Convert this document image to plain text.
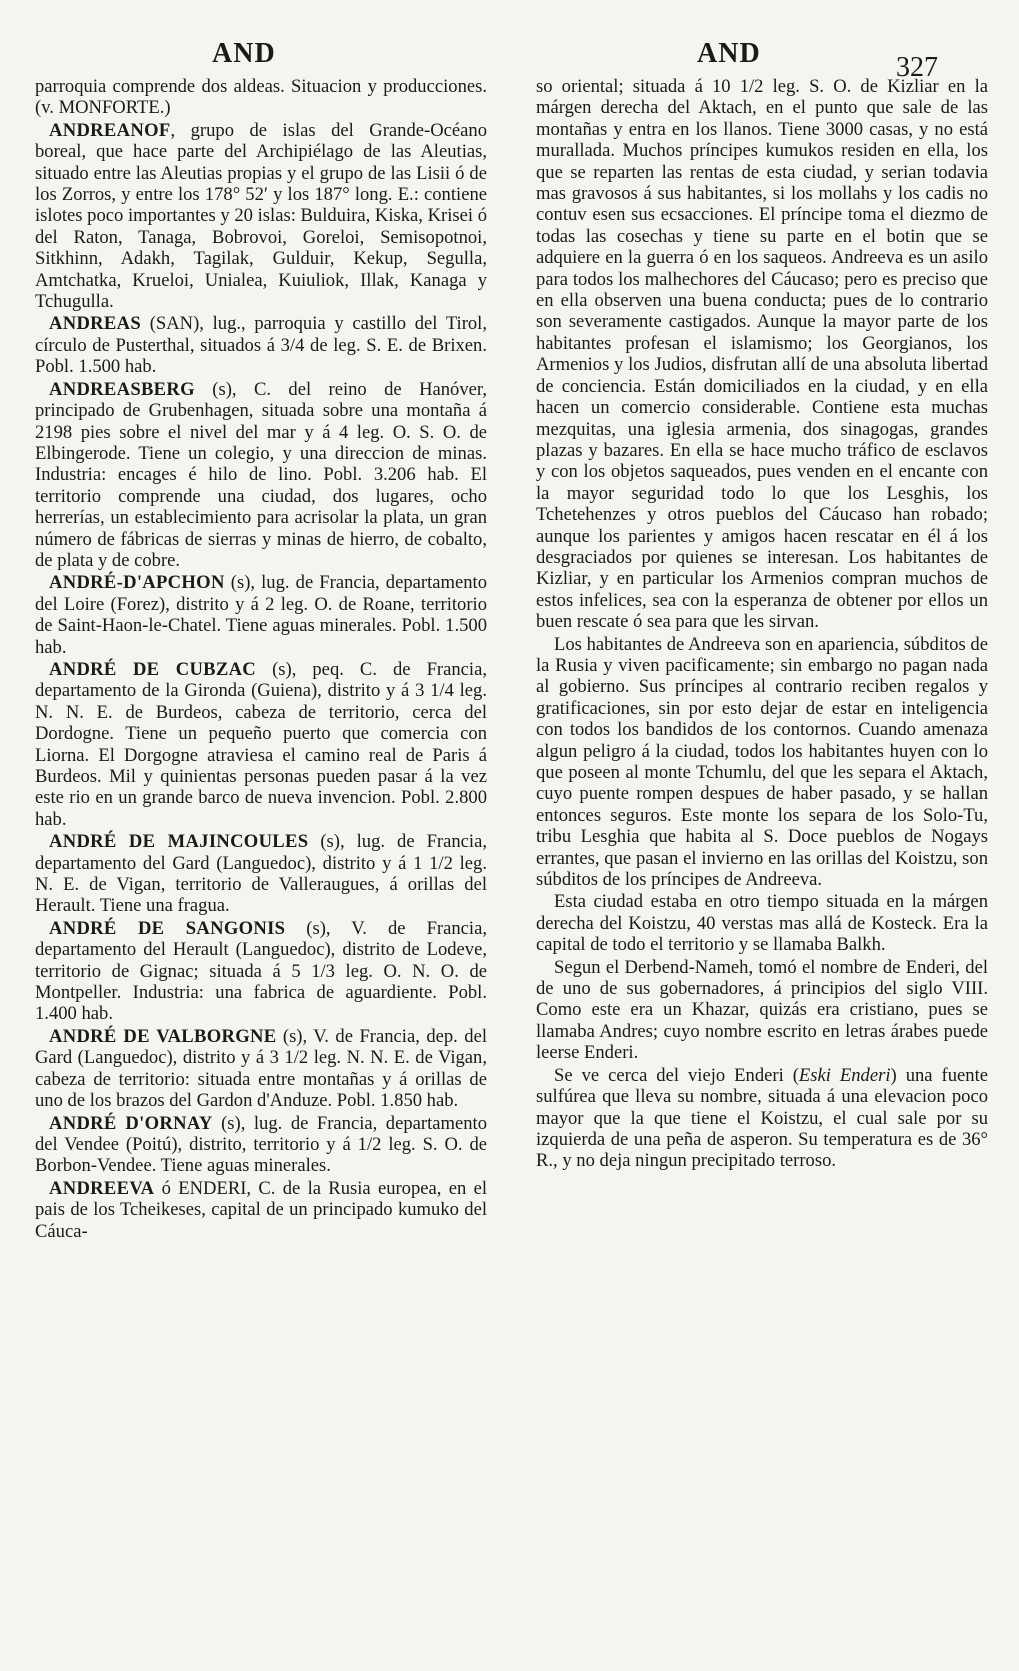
AND	AND	327

parroquia comprende dos aldeas. Situacion y producciones. (v. MONFORTE.)

ANDREANOF, grupo de islas del Grande-Océano boreal, que hace parte del Archipiélago de las Aleutias, situado entre las Aleutias propias y el grupo de las Lisii ó de los Zorros, y entre los 178° 52′ y los 187° long. E.: contiene islotes poco importantes y 20 islas: Bulduira, Kiska, Krisei ó del Raton, Tanaga, Bobrovoi, Goreloi, Semisopotnoi, Sitkhinn, Adakh, Tagilak, Gulduir, Kekup, Segulla, Amtchatka, Krueloi, Unialea, Kuiuliok, Illak, Kanaga y Tchugulla.

ANDREAS (SAN), lug., parroquia y castillo del Tirol, círculo de Pusterthal, situados á 3/4 de leg. S. E. de Brixen. Pobl. 1.500 hab.

ANDREASBERG (s), C. del reino de Hanóver, principado de Grubenhagen, situada sobre una montaña á 2198 pies sobre el nivel del mar y á 4 leg. O. S. O. de Elbingerode. Tiene un colegio, y una direccion de minas. Industria: encages é hilo de lino. Pobl. 3.206 hab. El territorio comprende una ciudad, dos lugares, ocho herrerías, un establecimiento para acrisolar la plata, un gran número de fábricas de sierras y minas de hierro, de cobalto, de plata y de cobre.

ANDRÉ-D'APCHON (s), lug. de Francia, departamento del Loire (Forez), distrito y á 2 leg. O. de Roane, territorio de Saint-Haon-le-Chatel. Tiene aguas minerales. Pobl. 1.500 hab.

ANDRÉ DE CUBZAC (s), peq. C. de Francia, departamento de la Gironda (Guiena), distrito y á 3 1/4 leg. N. N. E. de Burdeos, cabeza de territorio, cerca del Dordogne. Tiene un pequeño puerto que comercia con Liorna. El Dorgogne atraviesa el camino real de Paris á Burdeos. Mil y quinientas personas pueden pasar á la vez este rio en un grande barco de nueva invencion. Pobl. 2.800 hab.

ANDRÉ DE MAJINCOULES (s), lug. de Francia, departamento del Gard (Languedoc), distrito y á 1 1/2 leg. N. E. de Vigan, territorio de Valleraugues, á orillas del Herault. Tiene una fragua.

ANDRÉ DE SANGONIS (s), V. de Francia, departamento del Herault (Languedoc), distrito de Lodeve, territorio de Gignac; situada á 5 1/3 leg. O. N. O. de Montpeller. Industria: una fabrica de aguardiente. Pobl. 1.400 hab.

ANDRÉ DE VALBORGNE (s), V. de Francia, dep. del Gard (Languedoc), distrito y á 3 1/2 leg. N. N. E. de Vigan, cabeza de territorio: situada entre montañas y á orillas de uno de los brazos del Gardon d'Anduze. Pobl. 1.850 hab.

ANDRÉ D'ORNAY (s), lug. de Francia, departamento del Vendee (Poitú), distrito, territorio y á 1/2 leg. S. O. de Borbon-Vendee. Tiene aguas minerales.

ANDREEVA ó ENDERI, C. de la Rusia europea, en el pais de los Tcheikeses, capital de un principado kumuko del Cáuca-

so oriental; situada á 10 1/2 leg. S. O. de Kizliar en la márgen derecha del Aktach, en el punto que sale de las montañas y entra en los llanos. Tiene 3000 casas, y no está murallada. Muchos príncipes kumukos residen en ella, los que se reparten las rentas de esta ciudad, y serian todavia mas gravosos á sus habitantes, si los mollahs y los cadis no contuv esen sus ecsacciones. El príncipe toma el diezmo de todas las cosechas y tiene su parte en el botin que se adquiere en la guerra ó en los saqueos. Andreeva es un asilo para todos los malhechores del Cáucaso; pero es preciso que en ella observen una buena conducta; pues de lo contrario son severamente castigados. Aunque la mayor parte de los habitantes profesan el islamismo; los Georgianos, los Armenios y los Judios, disfrutan allí de una absoluta libertad de conciencia. Están domiciliados en la ciudad, y en ella hacen un comercio considerable. Contiene esta muchas mezquitas, una iglesia armenia, dos sinagogas, grandes plazas y bazares. En ella se hace mucho tráfico de esclavos y con los objetos saqueados, pues venden en el encante con la mayor seguridad todo lo que los Lesghis, los Tchetehenzes y otros pueblos del Cáucaso han robado; aunque los parientes y amigos hacen rescatar en él á los desgraciados por quienes se interesan. Los habitantes de Kizliar, y en particular los Armenios compran muchos de estos infelices, sea con la esperanza de obtener por ellos un buen rescate ó sea para que les sirvan.

Los habitantes de Andreeva son en apariencia, súbditos de la Rusia y viven pacificamente; sin embargo no pagan nada al gobierno. Sus príncipes al contrario reciben regalos y gratificaciones, sin por esto dejar de estar en inteligencia con todos los bandidos de los contornos. Cuando amenaza algun peligro á la ciudad, todos los habitantes huyen con lo que poseen al monte Tchumlu, del que les separa el Aktach, cuyo puente rompen despues de haber pasado, y se hallan entonces seguros. Este monte los separa de los Solo-Tu, tribu Lesghia que habita al S. Doce pueblos de Nogays errantes, que pasan el invierno en las orillas del Koistzu, son súbditos de los príncipes de Andreeva.

Esta ciudad estaba en otro tiempo situada en la márgen derecha del Koistzu, 40 verstas mas allá de Kosteck. Era la capital de todo el territorio y se llamaba Balkh.

Segun el Derbend-Nameh, tomó el nombre de Enderi, del de uno de sus gobernadores, á principios del siglo VIII. Como este era un Khazar, quizás era cristiano, pues se llamaba Andres; cuyo nombre escrito en letras árabes puede leerse Enderi.

Se ve cerca del viejo Enderi (Eski Enderi) una fuente sulfúrea que lleva su nombre, situada á una elevacion poco mayor que la que tiene el Koistzu, el cual sale por su izquierda de una peña de asperon. Su temperatura es de 36° R., y no deja ningun precipitado terroso.
